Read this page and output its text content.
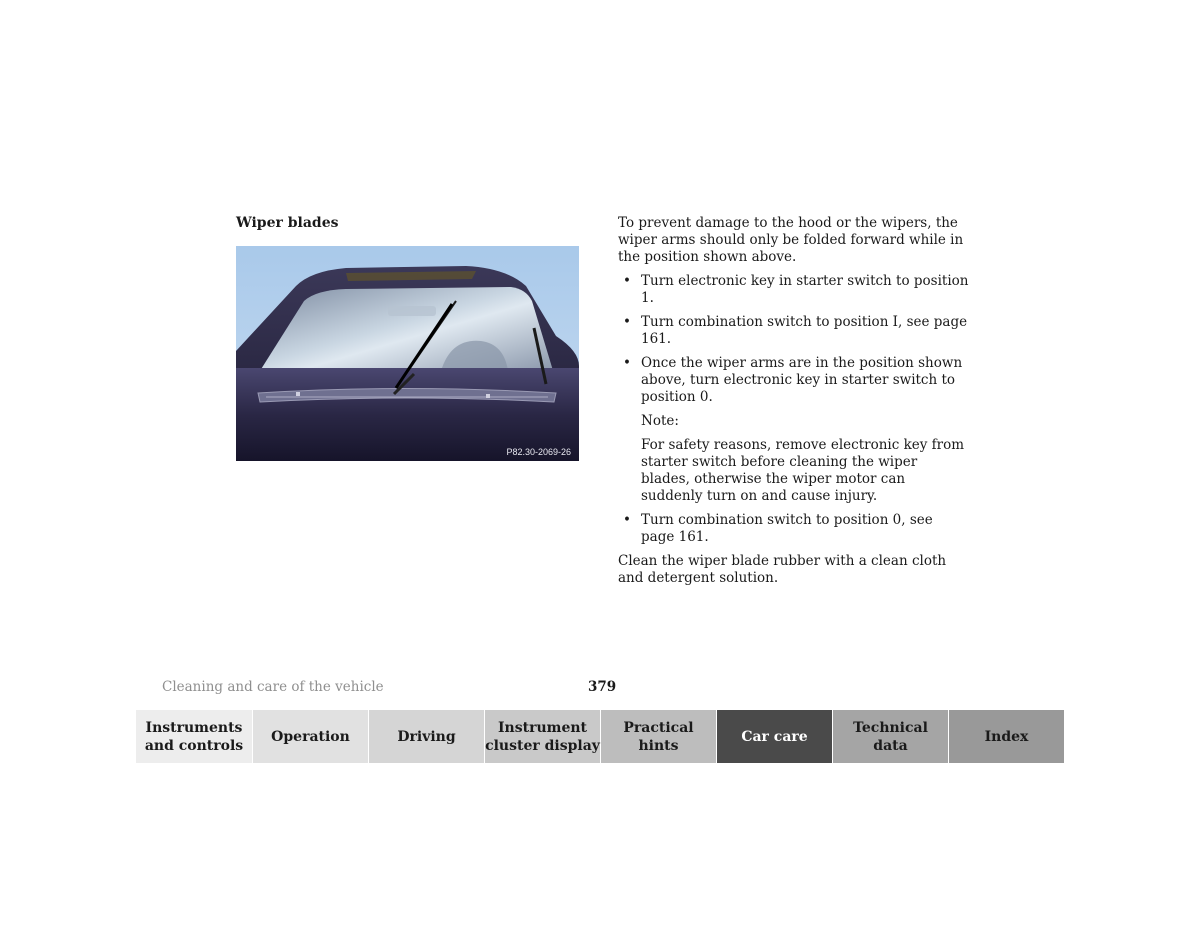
Wiper blades
P82.30-2069-26

To prevent damage to the hood or the wipers, the wiper arms should only be folded forward while in the position shown above.

• Turn electronic key in starter switch to position 1.
• Turn combination switch to position I, see page 161.
• Once the wiper arms are in the position shown above, turn electronic key in starter switch to position 0.

Note:

For safety reasons, remove electronic key from starter switch before cleaning the wiper blades, otherwise the wiper motor can suddenly turn on and cause injury.

• Turn combination switch to position 0, see page 161.

Clean the wiper blade rubber with a clean cloth and detergent solution.

Cleaning and care of the vehicle	379
Instruments
and controls
Operation	Driving
Instrument
cluster display
Practical hints
Car care
Technical
data
Index
